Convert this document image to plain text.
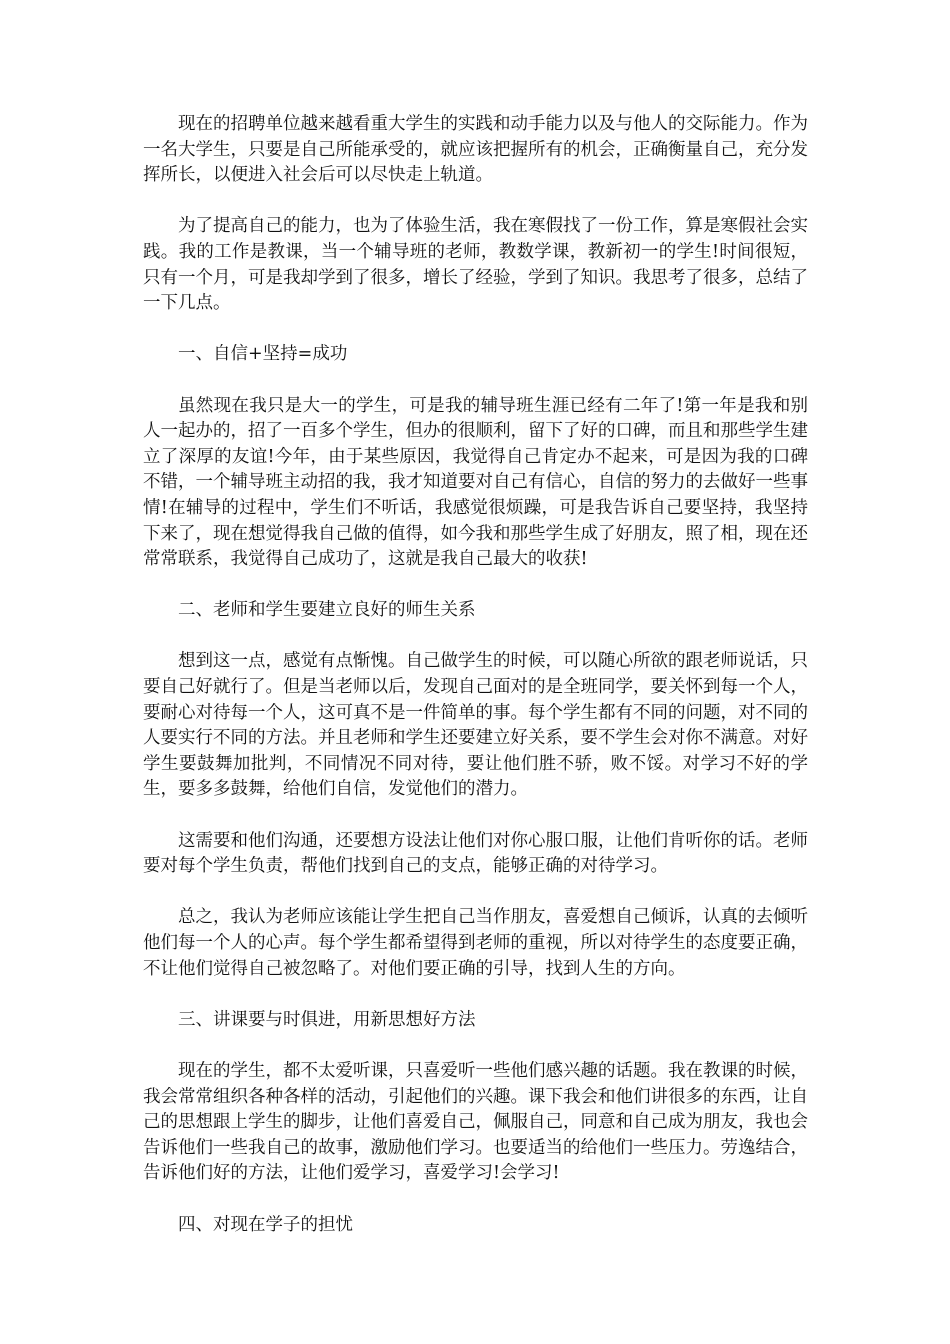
现在的招聘单位越来越看重大学生的实践和动手能力以及与他人的交际能力。作为一名大学生，只要是自己所能承受的，就应该把握所有的机会，正确衡量自己，充分发挥所长，以便进入社会后可以尽快走上轨道。

为了提高自己的能力，也为了体验生活，我在寒假找了一份工作，算是寒假社会实践。我的工作是教课，当一个辅导班的老师，教数学课，教新初一的学生!时间很短，只有一个月，可是我却学到了很多，增长了经验，学到了知识。我思考了很多，总结了一下几点。

一、自信+坚持=成功

虽然现在我只是大一的学生，可是我的辅导班生涯已经有二年了!第一年是我和别人一起办的，招了一百多个学生，但办的很顺利，留下了好的口碑，而且和那些学生建立了深厚的友谊!今年，由于某些原因，我觉得自己肯定办不起来，可是因为我的口碑不错，一个辅导班主动招的我，我才知道要对自己有信心，自信的努力的去做好一些事情!在辅导的过程中，学生们不听话，我感觉很烦躁，可是我告诉自己要坚持，我坚持下来了，现在想觉得我自己做的值得，如今我和那些学生成了好朋友，照了相，现在还常常联系，我觉得自己成功了，这就是我自己最大的收获!

二、老师和学生要建立良好的师生关系

想到这一点，感觉有点惭愧。自己做学生的时候，可以随心所欲的跟老师说话，只要自己好就行了。但是当老师以后，发现自己面对的是全班同学，要关怀到每一个人，要耐心对待每一个人，这可真不是一件简单的事。每个学生都有不同的问题，对不同的人要实行不同的方法。并且老师和学生还要建立好关系，要不学生会对你不满意。对好学生要鼓舞加批判，不同情况不同对待，要让他们胜不骄，败不馁。对学习不好的学生，要多多鼓舞，给他们自信，发觉他们的潜力。

这需要和他们沟通，还要想方设法让他们对你心服口服，让他们肯听你的话。老师要对每个学生负责，帮他们找到自己的支点，能够正确的对待学习。

总之，我认为老师应该能让学生把自己当作朋友，喜爱想自己倾诉，认真的去倾听他们每一个人的心声。每个学生都希望得到老师的重视，所以对待学生的态度要正确，不让他们觉得自己被忽略了。对他们要正确的引导，找到人生的方向。

三、讲课要与时俱进，用新思想好方法

现在的学生，都不太爱听课，只喜爱听一些他们感兴趣的话题。我在教课的时候，我会常常组织各种各样的活动，引起他们的兴趣。课下我会和他们讲很多的东西，让自己的思想跟上学生的脚步，让他们喜爱自己，佩服自己，同意和自己成为朋友，我也会告诉他们一些我自己的故事，激励他们学习。也要适当的给他们一些压力。劳逸结合，告诉他们好的方法，让他们爱学习，喜爱学习!会学习!

四、对现在学子的担忧
